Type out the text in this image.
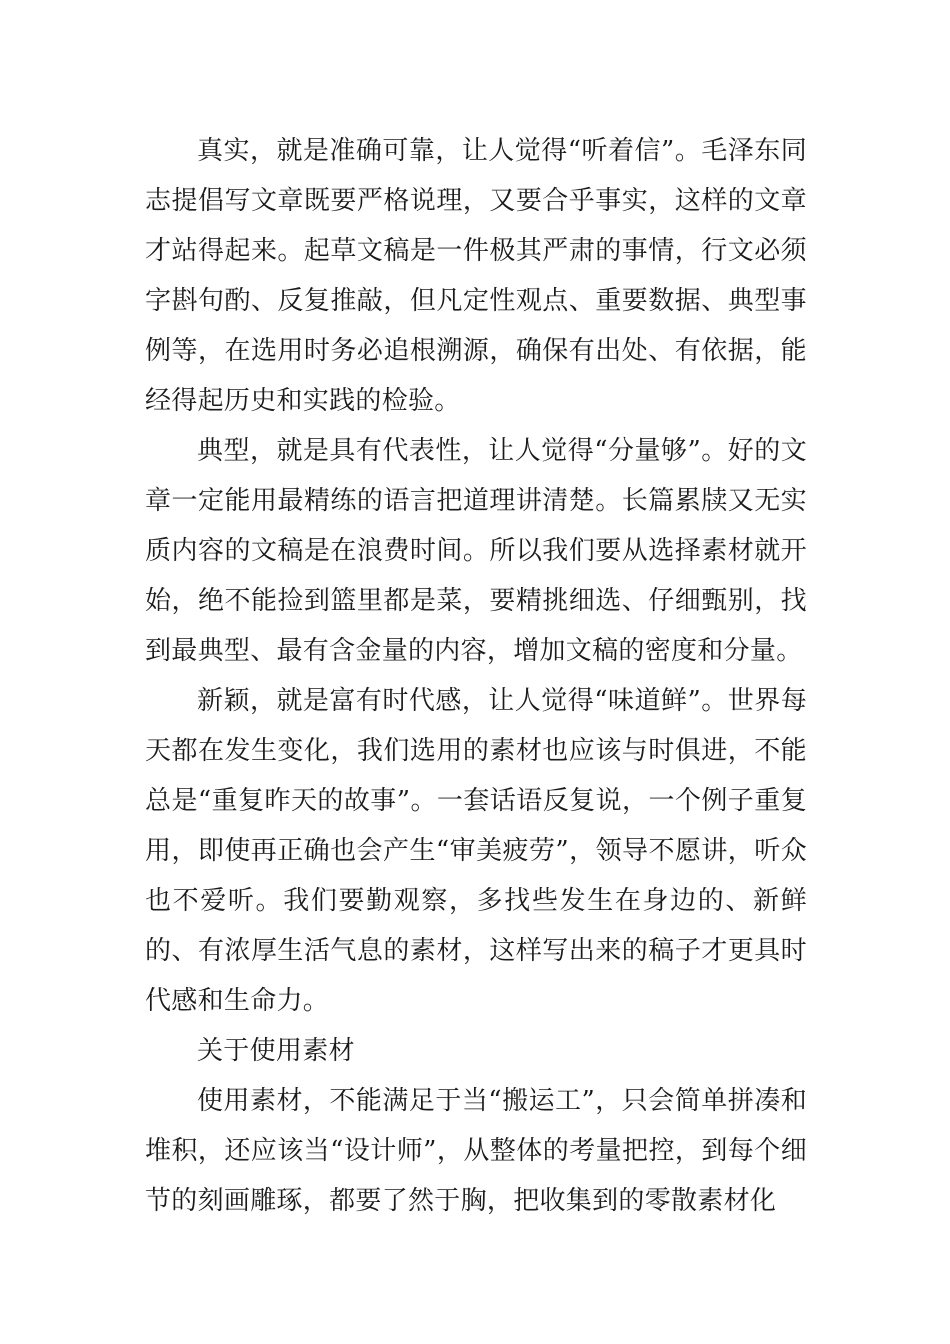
真实，就是准确可靠，让人觉得“听着信”。毛泽东同志提倡写文章既要严格说理，又要合乎事实，这样的文章才站得起来。起草文稿是一件极其严肃的事情，行文必须字斟句酌、反复推敲，但凡定性观点、重要数据、典型事例等，在选用时务必追根溯源，确保有出处、有依据，能经得起历史和实践的检验。

典型，就是具有代表性，让人觉得“分量够”。好的文章一定能用最精练的语言把道理讲清楚。长篇累牍又无实质内容的文稿是在浪费时间。所以我们要从选择素材就开始，绝不能捡到篮里都是菜，要精挑细选、仔细甄别，找到最典型、最有含金量的内容，增加文稿的密度和分量。

新颖，就是富有时代感，让人觉得“味道鲜”。世界每天都在发生变化，我们选用的素材也应该与时俱进，不能总是“重复昨天的故事”。一套话语反复说，一个例子重复用，即使再正确也会产生“审美疲劳”，领导不愿讲，听众也不爱听。我们要勤观察，多找些发生在身边的、新鲜的、有浓厚生活气息的素材，这样写出来的稿子才更具时代感和生命力。

关于使用素材

使用素材，不能满足于当“搬运工”，只会简单拼凑和堆积，还应该当“设计师”，从整体的考量把控，到每个细节的刻画雕琢，都要了然于胸，把收集到的零散素材化
